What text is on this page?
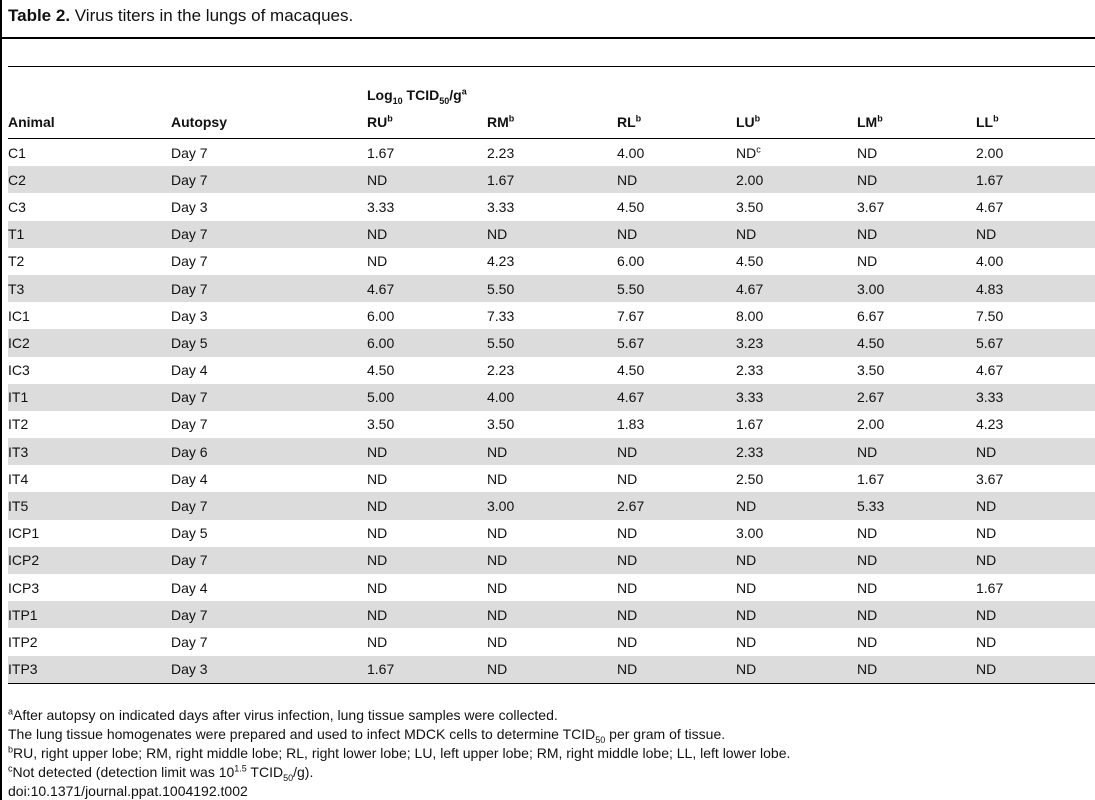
Table 2. Virus titers in the lungs of macaques.
		Log$_{10}$ $TCID_{50}/g^a$
Animal	Autopsy	$RU^b$	$RM^b$	$RL^b$	$LU^b$	$LM^b$	$LL^b$
C1	Day 7	1.67	2.23	4.00	$ND^c$	ND	2.00
C2	Day 7	ND	1.67	ND	2.00	ND	1.67
C3	Day 3	3.33	3.33	4.50	3.50	3.67	4.67
T1	Day 7	ND	ND	ND	ND	ND	ND
T2	Day 7	ND	4.23	6.00	4.50	ND	4.00
T3	Day 7	4.67	5.50	5.50	4.67	3.00	4.83
IC1	Day 3	6.00	7.33	7.67	8.00	6.67	7.50
IC2	Day 5	6.00	5.50	5.67	3.23	4.50	5.67
IC3	Day 4	4.50	2.23	4.50	2.33	3.50	4.67
IT1	Day 7	5.00	4.00	4.67	3.33	2.67	3.33
IT2	Day 7	3.50	3.50	1.83	1.67	2.00	4.23
IT3	Day 6	ND	ND	ND	2.33	ND	ND
IT4	Day 4	ND	ND	ND	2.50	1.67	3.67
IT5	Day 7	ND	3.00	2.67	ND	5.33	ND
ICP1	Day 5	ND	ND	ND	3.00	ND	ND
ICP2	Day 7	ND	ND	ND	ND	ND	ND
ICP3	Day 4	ND	ND	ND	ND	ND	1.67
ITP1	Day 7	ND	ND	ND	ND	ND	ND
ITP2	Day 7	ND	ND	ND	ND	ND	ND
ITP3	Day 3	1.67	ND	ND	ND	ND	ND
$^a$After autopsy on indicated days after virus infection, lung tissue samples were collected.
The lung tissue homogenates were prepared and used to infect MDCK cells to determine $TCID_{50}$ per gram of tissue.
$^b$RU, right upper lobe; RM, right middle lobe; RL, right lower lobe; LU, left upper lobe; RM, right middle lobe; LL, left lower lobe.
$^c$Not detected (detection limit was $10^{1.5}$ $TCID_{50}/g$).
doi:10.1371/journal.ppat.1004192.t002
